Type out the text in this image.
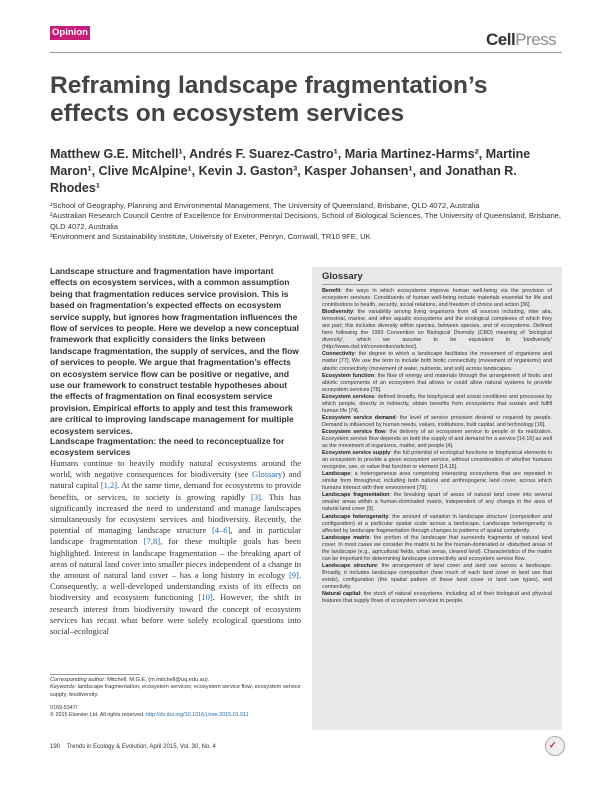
Opinion	CellPress
Reframing landscape fragmentation’s effects on ecosystem services
Matthew G.E. Mitchell¹, Andrés F. Suarez-Castro¹, Maria Martinez-Harms², Martine Maron¹, Clive McAlpine¹, Kevin J. Gaston³, Kasper Johansen¹, and Jonathan R. Rhodes¹
¹School of Geography, Planning and Environmental Management, The University of Queensland, Brisbane, QLD 4072, Australia
²Australian Research Council Centre of Excellence for Environmental Decisions, School of Biological Sciences, The University of Queensland, Brisbane, QLD 4072, Australia
³Environment and Sustainability Institute, University of Exeter, Penryn, Cornwall, TR10 9FE, UK
Landscape structure and fragmentation have important effects on ecosystem services, with a common assumption being that fragmentation reduces service provision. This is based on fragmentation’s expected effects on ecosystem service supply, but ignores how fragmentation influences the flow of services to people. Here we develop a new conceptual framework that explicitly considers the links between landscape fragmentation, the supply of services, and the flow of services to people. We argue that fragmentation’s effects on ecosystem service flow can be positive or negative, and use our framework to construct testable hypotheses about the effects of fragmentation on final ecosystem service provision. Empirical efforts to apply and test this framework are critical to improving landscape management for multiple ecosystem services.
Landscape fragmentation: the need to reconceptualize for ecosystem services
Humans continue to heavily modify natural ecosystems around the world, with negative consequences for biodiversity (see Glossary) and natural capital [1,2]. At the same time, demand for ecosystems to provide benefits, or services, to society is growing rapidly [3]. This has significantly increased the need to understand and manage landscapes simultaneously for ecosystem services and biodiversity. Recently, the potential of managing landscape structure [4–6], and in particular landscape fragmentation [7,8], for these multiple goals has been highlighted. Interest in landscape fragmentation – the breaking apart of areas of natural land cover into smaller pieces independent of a change in the amount of natural land cover – has a long history in ecology [9]. Consequently, a well-developed understanding exists of its effects on biodiversity and ecosystem functioning [10]. However, the shift in research interest from biodiversity toward the concept of ecosystem services has recast what before were solely ecological questions into social–ecological
Corresponding author: Mitchell, M.G.E. (m.mitchell@uq.edu.au).
Keywords: landscape fragmentation; ecosystem services; ecosystem service flow; ecosystem service supply; biodiversity.
0169-5347/
© 2015 Elsevier Ltd. All rights reserved. http://dx.doi.org/10.1016/j.tree.2015.01.011
Glossary

Benefit: the ways in which ecosystems improve human well-being via the provision of ecosystem services. Constituents of human well-being include materials essential for life and contributions to health, security, social relations, and freedom of choice and action [36].

Biodiversity: the variability among living organisms from all sources including, inter alia, terrestrial, marine, and other aquatic ecosystems and the ecological complexes of which they are part; this includes diversity within species, between species, and of ecosystems. Defined here following the 1993 Convention on Biological Diversity (CBD) meaning of ‘biological diversity’, which we assume to be equivalent to ‘biodiversity’ (http://www.cbd.int/convention/articles/).

Connectivity: the degree to which a landscape facilitates the movement of organisms and matter [77]. We use the term to include both biotic connectivity (movement of organisms) and abiotic connectivity (movement of water, nutrients, and soil) across landscapes.

Ecosystem function: the flow of energy and materials through the arrangement of biotic and abiotic components of an ecosystem that allows or could allow natural systems to provide ecosystem services [78].

Ecosystem services: defined broadly, the biophysical and social conditions and processes by which people, directly or indirectly, obtain benefits from ecosystems that sustain and fulfill human life [74].

Ecosystem service demand: the level of service provision desired or required by people. Demand is influenced by human needs, values, institutions, built capital, and technology [16].

Ecosystem service flow: the delivery of an ecosystem service to people or its realization. Ecosystem service flow depends on both the supply of and demand for a service [14,16] as well as the movement of organisms, matter, and people [4].

Ecosystem service supply: the full potential of ecological functions or biophysical elements in an ecosystem to provide a given ecosystem service, without consideration of whether humans recognize, use, or value that function or element [14,15].

Landscape: a heterogeneous area comprising interacting ecosystems that are repeated in similar form throughout; including both natural and anthropogenic land cover, across which humans interact with their environment [79].

Landscape fragmentation: the breaking apart of areas of natural land cover into several smaller areas within a human-dominated matrix, independent of any change in the area of natural land cover [9].

Landscape heterogeneity: the amount of variation in landscape structure (composition and configuration) at a particular spatial scale across a landscape. Landscape heterogeneity is affected by landscape fragmentation through changes to patterns of spatial complexity.

Landscape matrix: the portion of the landscape that surrounds fragments of natural land cover. In most cases we consider the matrix to be the human-dominated or -disturbed areas of the landscape (e.g., agricultural fields, urban areas, cleared land). Characteristics of the matrix can be important for determining landscape connectivity and ecosystem service flow.

Landscape structure: the arrangement of land cover and land use across a landscape. Broadly, it includes landscape composition (how much of each land cover or land use that exists), configuration (the spatial pattern of these land cover or land use types), and connectivity.

Natural capital: the stock of natural ecosystems, including all of their biological and physical features that supply flows of ecosystem services to people.

190 Trends in Ecology & Evolution, April 2015, Vol. 30, No. 4	✓
